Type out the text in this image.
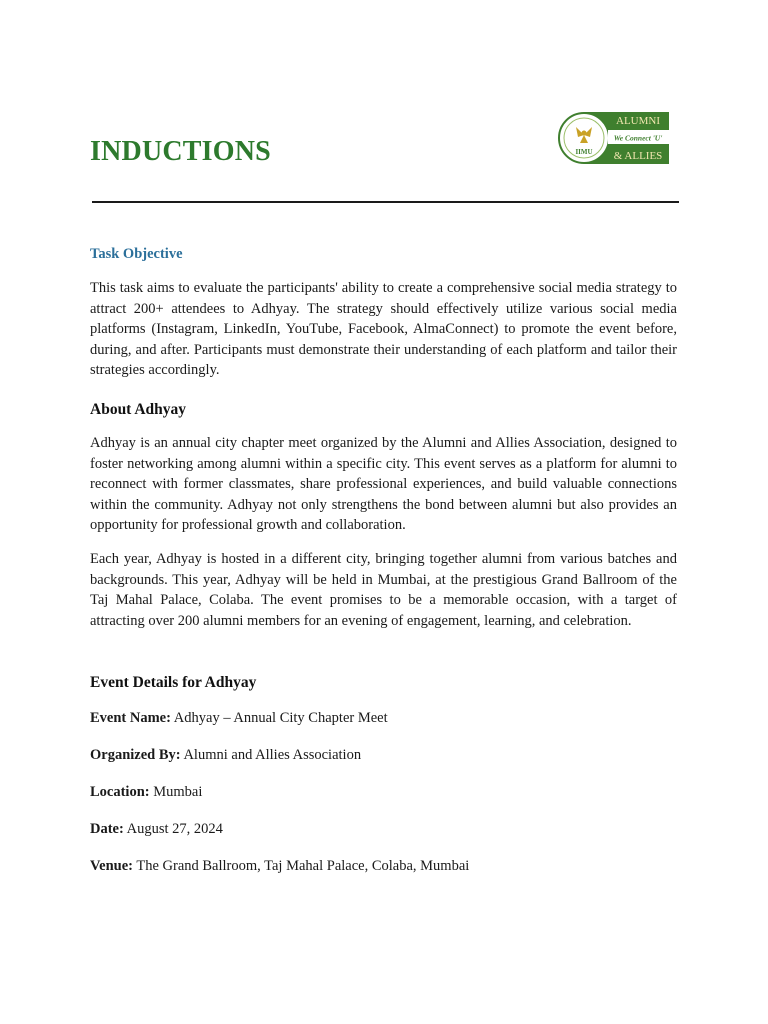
INDUCTIONS	IIMU
ALUMNI
We Connect 'U'
& ALLIES
Task Objective

This task aims to evaluate the participants' ability to create a comprehensive social media strategy to attract 200+ attendees to Adhyay. The strategy should effectively utilize various social media platforms (Instagram, LinkedIn, YouTube, Facebook, AlmaConnect) to promote the event before, during, and after. Participants must demonstrate their understanding of each platform and tailor their strategies accordingly.

About Adhyay

Adhyay is an annual city chapter meet organized by the Alumni and Allies Association, designed to foster networking among alumni within a specific city. This event serves as a platform for alumni to reconnect with former classmates, share professional experiences, and build valuable connections within the community. Adhyay not only strengthens the bond between alumni but also provides an opportunity for professional growth and collaboration.

Each year, Adhyay is hosted in a different city, bringing together alumni from various batches and backgrounds. This year, Adhyay will be held in Mumbai, at the prestigious Grand Ballroom of the Taj Mahal Palace, Colaba. The event promises to be a memorable occasion, with a target of attracting over 200 alumni members for an evening of engagement, learning, and celebration.

Event Details for Adhyay
Event Name: Adhyay – Annual City Chapter Meet
Organized By: Alumni and Allies Association
Location: Mumbai
Date: August 27, 2024
Venue: The Grand Ballroom, Taj Mahal Palace, Colaba, Mumbai
